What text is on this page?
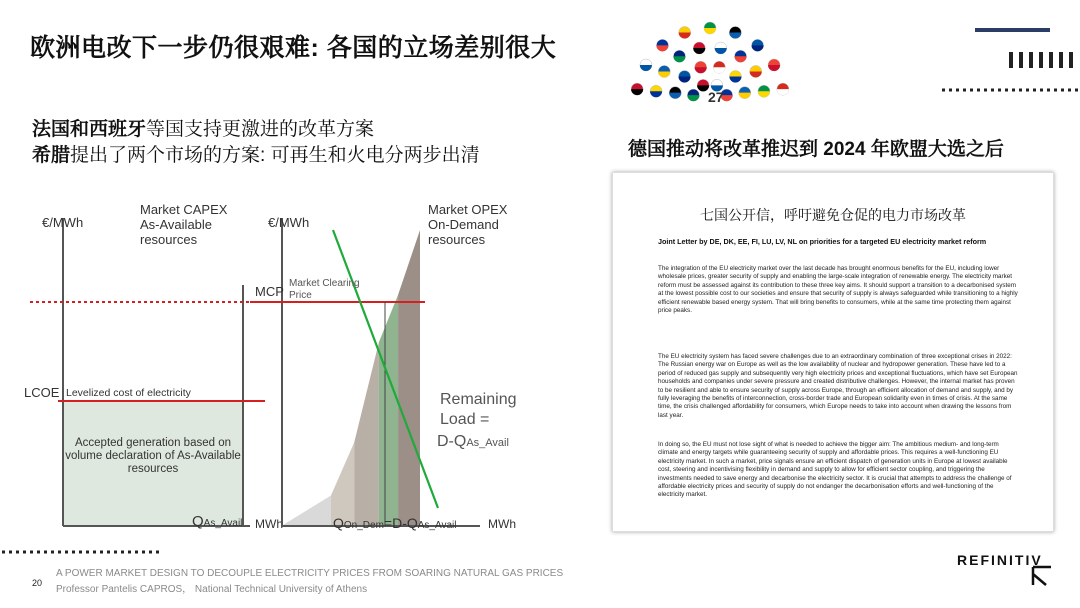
欧洲电改下一步仍很艰难: 各国的立场差别很大
法国和西班牙等国支持更激进的改革方案
希腊提出了两个市场的方案: 可再生和火电分两步出清
27
德国推动将改革推迟到 2024 年欧盟大选之后
七国公开信，呼吁避免仓促的电力市场改革
Joint Letter by DE, DK, EE, FI, LU, LV, NL on priorities for a targeted EU electricity market reform
The integration of the EU electricity market over the last decade has brought enormous benefits for the EU, including lower wholesale prices, greater security of supply and enabling the large-scale integration of renewable energy. The electricity market reform must be assessed against its contribution to these three key aims. It should support a transition to a decarbonised system at the lowest possible cost to our societies and ensure that security of supply is always safeguarded while transitioning to a highly efficient renewable based energy system. That will bring benefits to consumers, while at the same time protecting them against price peaks.
The EU electricity system has faced severe challenges due to an extraordinary combination of three exceptional crises in 2022: The Russian energy war on Europe as well as the low availability of nuclear and hydropower generation. These have led to a period of reduced gas supply and subsequently very high electricity prices and exceptional fluctuations, which have set European households and companies under severe pressure and created distributive challenges. However, the internal market has proven to be resilient and able to ensure security of supply across Europe, through an efficient allocation of demand and supply, and by fully leveraging the benefits of interconnection, cross-border trade and European solidarity even in times of crisis. At the same time, the crisis challenged affordability for consumers, which Europe needs to take into account when drawing the lessons from last year.
In doing so, the EU must not lose sight of what is needed to achieve the bigger aim: The ambitious medium- and long-term climate and energy targets while guaranteeing security of supply and affordable prices. This requires a well-functioning EU electricity market. In such a market, price signals ensure an efficient dispatch of generation units in Europe at lowest available cost, steering and incentivising flexibility in demand and supply to allow for efficient sector coupling, and triggering the investments needed to save energy and decarbonise the electricity sector. It is crucial that attempts to address the challenge of affordable electricity prices and security of supply do not endanger the decarbonisation efforts and well-functioning of the electricity market.
€/MWh
Market CAPEX
As-Available
resources
LCOE Levelized cost of electricity
Accepted generation based on
volume declaration of As-Available
resources
QAs_Avail MWh
€/MWh
Market OPEX
On-Demand
resources
MCP
Market Clearing
Price
Remaining
Load =
D-QAs_Avail
QOn_Dem=D-QAs_Avail	MWh
20
A POWER MARKET DESIGN TO DECOUPLE ELECTRICITY PRICES FROM SOARING NATURAL GAS PRICES
Professor Pantelis CAPROS， National Technical University of Athens
REFINITIV
